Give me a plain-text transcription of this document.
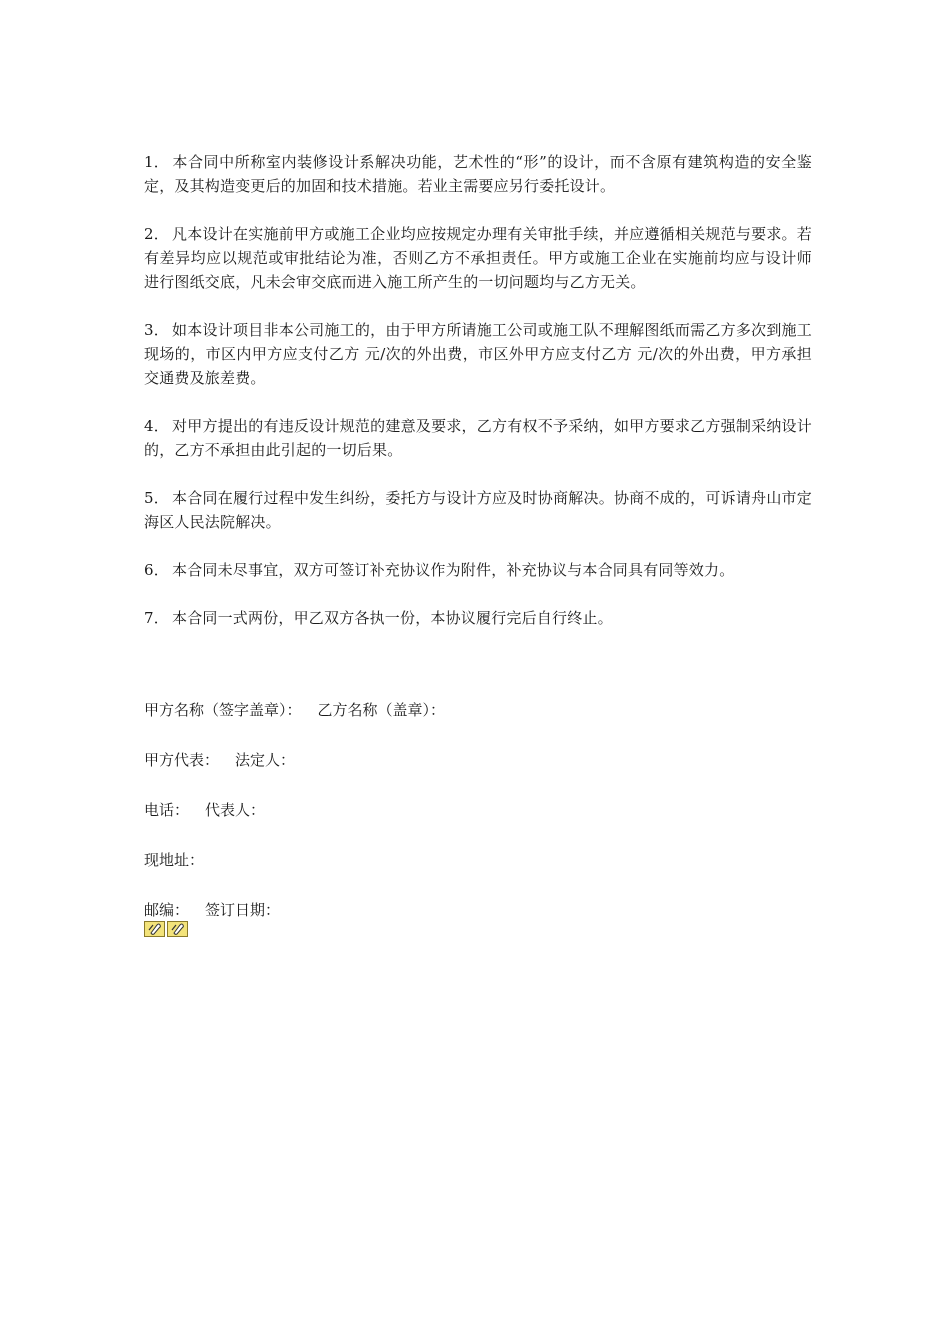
1． 本合同中所称室内装修设计系解决功能，艺术性的“形”的设计，而不含原有建筑构造的安全鉴定，及其构造变更后的加固和技术措施。若业主需要应另行委托设计。

2． 凡本设计在实施前甲方或施工企业均应按规定办理有关审批手续，并应遵循相关规范与要求。若有差异均应以规范或审批结论为准，否则乙方不承担责任。甲方或施工企业在实施前均应与设计师进行图纸交底，凡未会审交底而进入施工所产生的一切问题均与乙方无关。

3． 如本设计项目非本公司施工的，由于甲方所请施工公司或施工队不理解图纸而需乙方多次到施工现场的，市区内甲方应支付乙方 元/次的外出费，市区外甲方应支付乙方 元/次的外出费，甲方承担交通费及旅差费。

4． 对甲方提出的有违反设计规范的建意及要求，乙方有权不予采纳，如甲方要求乙方强制采纳设计的，乙方不承担由此引起的一切后果。

5． 本合同在履行过程中发生纠纷，委托方与设计方应及时协商解决。协商不成的，可诉请舟山市定海区人民法院解决。

6． 本合同未尽事宜，双方可签订补充协议作为附件，补充协议与本合同具有同等效力。

7． 本合同一式两份，甲乙双方各执一份，本协议履行完后自行终止。

甲方名称（签字盖章）： 乙方名称（盖章）：
甲方代表： 法定人：
电话： 代表人：
现地址：
邮编： 签订日期：
